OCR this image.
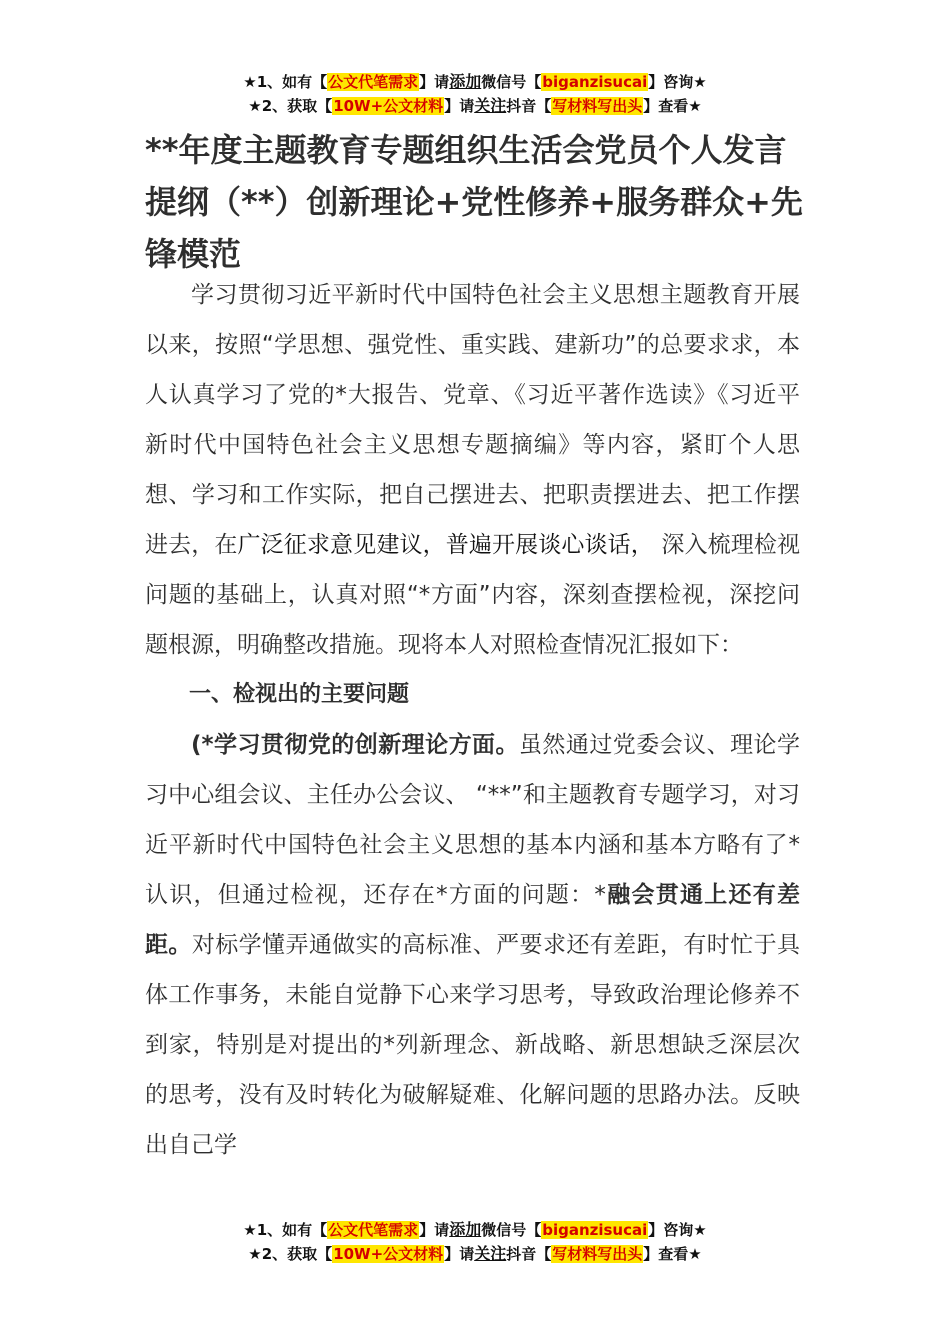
★1、如有【公文代笔需求】请添加微信号【biganzisucai】咨询★
★2、获取【10W+公文材料】请关注抖音【写材料写出头】查看★
**年度主题教育专题组织生活会党员个人发言提纲（**）创新理论+党性修养+服务群众+先锋模范

学习贯彻习近平新时代中国特色社会主义思想主题教育开展以来，按照“学思想、强党性、重实践、建新功”的总要求求，本人认真学习了党的*大报告、党章、《习近平著作选读》《习近平新时代中国特色社会主义思想专题摘编》等内容，紧盯个人思想、学习和工作实际，把自己摆进去、把职责摆进去、把工作摆进去，在广泛征求意见建议，普遍开展谈心谈话， 深入梳理检视问题的基础上，认真对照“*方面”内容，深刻查摆检视，深挖问题根源，明确整改措施。现将本人对照检查情况汇报如下：

一、检视出的主要问题

(*学习贯彻党的创新理论方面。虽然通过党委会议、理论学习中心组会议、主任办公会议、 “**”和主题教育专题学习，对习近平新时代中国特色社会主义思想的基本内涵和基本方略有了*认识，但通过检视，还存在*方面的问题：*融会贯通上还有差距。对标学懂弄通做实的高标准、严要求还有差距，有时忙于具体工作事务，未能自觉静下心来学习思考，导致政治理论修养不到家，特别是对提出的*列新理念、新战略、新思想缺乏深层次的思考，没有及时转化为破解疑难、化解问题的思路办法。反映出自己学

★1、如有【公文代笔需求】请添加微信号【biganzisucai】咨询★
★2、获取【10W+公文材料】请关注抖音【写材料写出头】查看★
